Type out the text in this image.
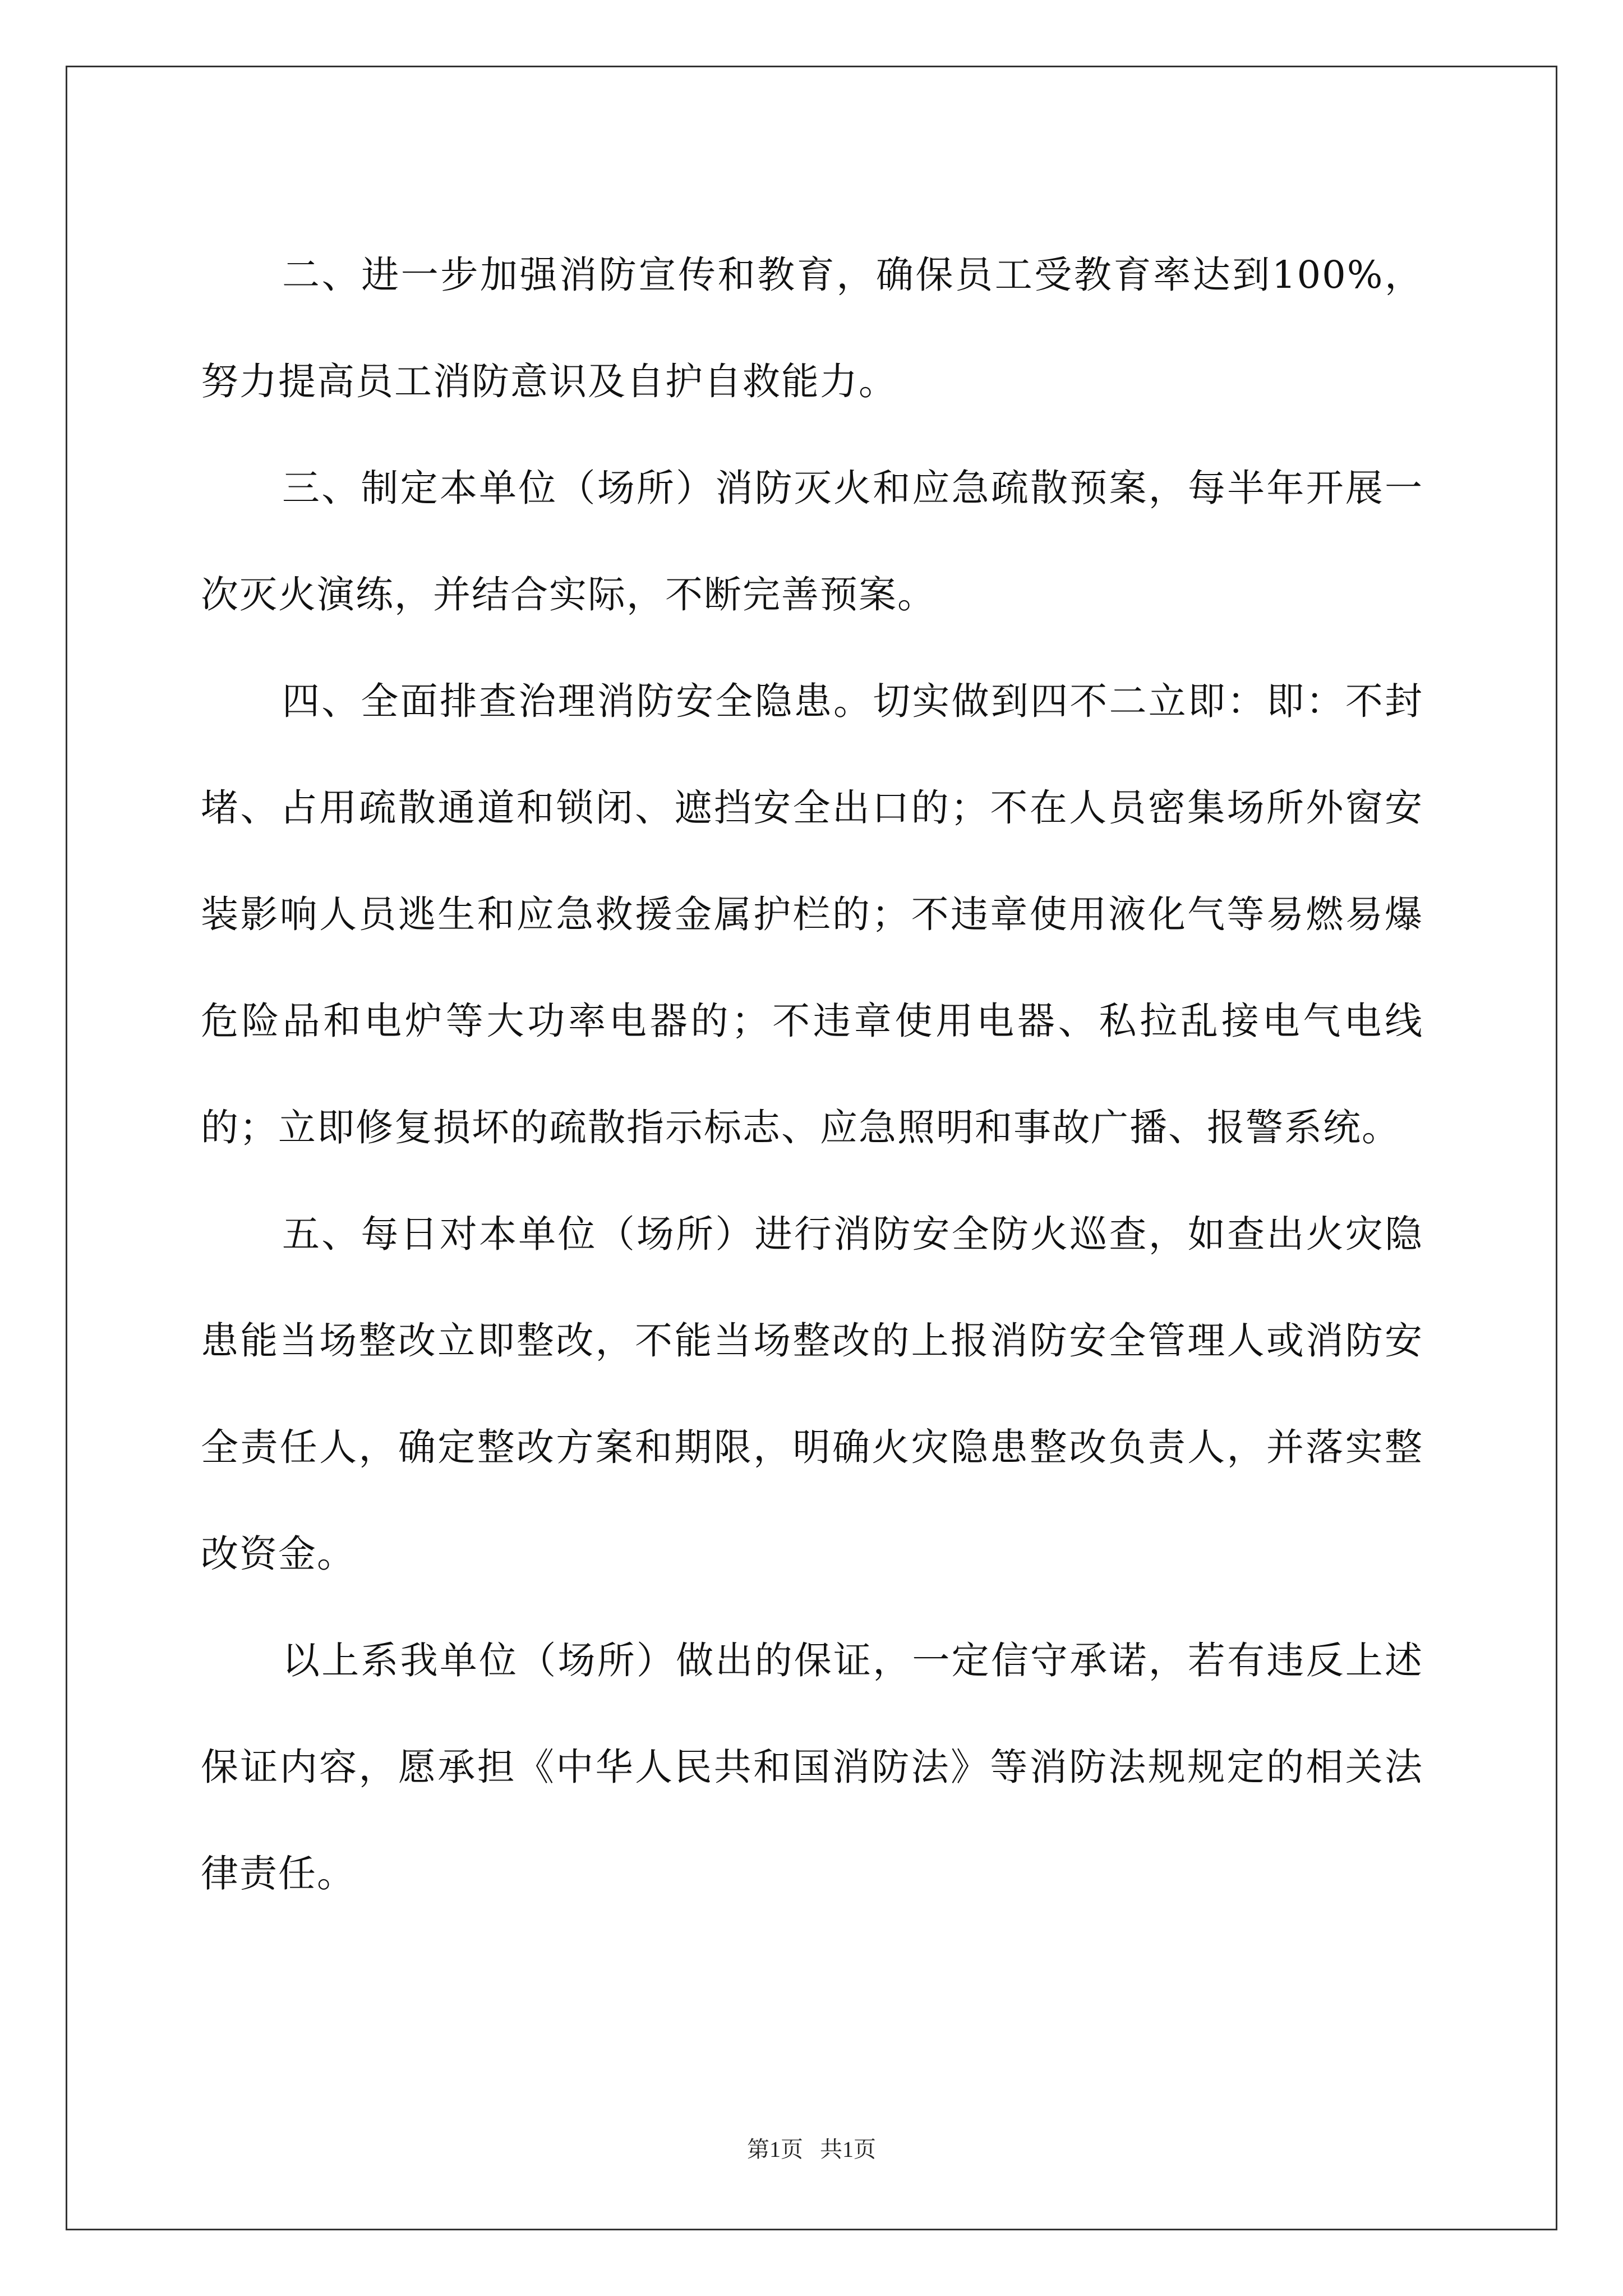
二、进一步加强消防宣传和教育，确保员工受教育率达到100%，努力提高员工消防意识及自护自救能力。

三、制定本单位（场所）消防灭火和应急疏散预案，每半年开展一次灭火演练，并结合实际，不断完善预案。

四、全面排查治理消防安全隐患。切实做到四不二立即：即：不封堵、占用疏散通道和锁闭、遮挡安全出口的；不在人员密集场所外窗安装影响人员逃生和应急救援金属护栏的；不违章使用液化气等易燃易爆危险品和电炉等大功率电器的；不违章使用电器、私拉乱接电气电线的；立即修复损坏的疏散指示标志、应急照明和事故广播、报警系统。

五、每日对本单位（场所）进行消防安全防火巡查，如查出火灾隐患能当场整改立即整改，不能当场整改的上报消防安全管理人或消防安全责任人，确定整改方案和期限，明确火灾隐患整改负责人，并落实整改资金。

以上系我单位（场所）做出的保证，一定信守承诺，若有违反上述保证内容，愿承担《中华人民共和国消防法》等消防法规规定的相关法律责任。

第1页 共1页
